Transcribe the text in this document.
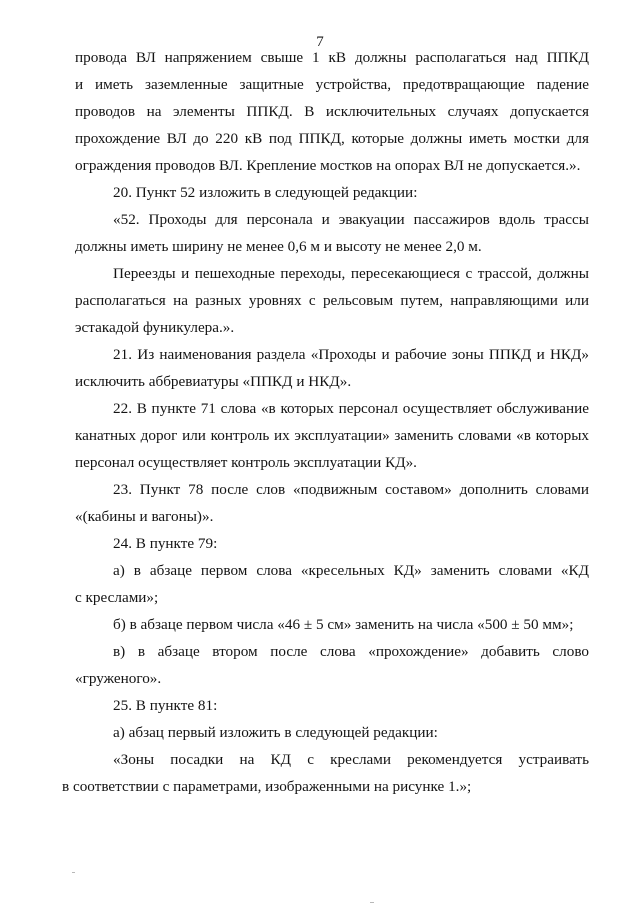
7
провода ВЛ напряжением свыше 1 кВ должны располагаться над ППКД
и иметь заземленные защитные устройства, предотвращающие падение
проводов на элементы ППКД. В исключительных случаях допускается
прохождение ВЛ до 220 кВ под ППКД, которые должны иметь мостки для
ограждения проводов ВЛ. Крепление мостков на опорах ВЛ не допускается.».
20. Пункт 52 изложить в следующей редакции:
«52. Проходы для персонала и эвакуации пассажиров вдоль трассы
должны иметь ширину не менее 0,6 м и высоту не менее 2,0 м.
Переезды и пешеходные переходы, пересекающиеся с трассой, должны
располагаться на разных уровнях с рельсовым путем, направляющими или
эстакадой фуникулера.».
21. Из наименования раздела «Проходы и рабочие зоны ППКД и НКД»
исключить аббревиатуры «ППКД и НКД».
22. В пункте 71 слова «в которых персонал осуществляет обслуживание
канатных дорог или контроль их эксплуатации» заменить словами «в которых
персонал осуществляет контроль эксплуатации КД».
23. Пункт 78 после слов «подвижным составом» дополнить словами
«(кабины и вагоны)».
24. В пункте 79:
а) в абзаце первом слова «кресельных КД» заменить словами «КД
с креслами»;
б) в абзаце первом числа «46 ± 5 см» заменить на числа «500 ± 50 мм»;
в) в абзаце втором после слова «прохождение» добавить слово
«груженого».
25. В пункте 81:
а) абзац первый изложить в следующей редакции:
«Зоны посадки на КД с креслами рекомендуется устраивать
в соответствии с параметрами, изображенными на рисунке 1.»;
